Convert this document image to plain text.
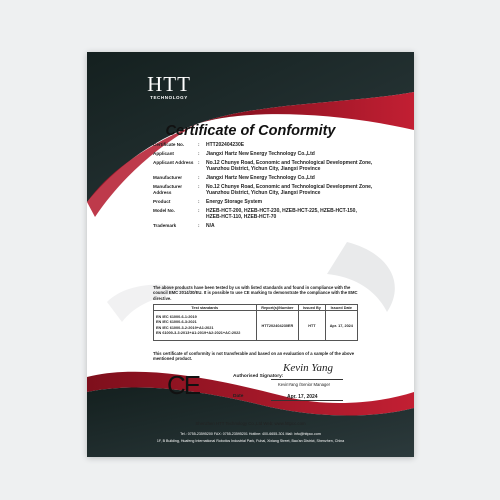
HTT
TECHNOLOGY
Certificate of Conformity
Certificate No.	:	HTT202404230E
Applicant	:	Jiangxi Hartz New Energy Technology Co.,Ltd
Applicant Address :	No.12 Chunye Road, Economic and Technological Development Zone, Yuanzhou District, Yichun City, Jiangxi Province
Manufacturer	:	Jiangxi Hartz New Energy Technology Co.,Ltd
Manufacturer Address
:	No.12 Chunye Road, Economic and Technological Development Zone, Yuanzhou District, Yichun City, Jiangxi Province
Product	:	Energy Storage System
Model No.	:	HZEB-HCT-200, HZEB-HCT-230, HZEB-HCT-225, HZEB-HCT-150, HZEB-HCT-110, HZEB-HCT-70
Trademark	:	N/A
The above products have been tested by us with listed standards and found in compliance with the council EMC 2014/30/EU. It is possible to use CE marking to demonstrate the compliance with the EMC directive.
Test standards	Report(s)/Number	Issued By	Issued Date
EN IEC 61000-6-1:2019
EN IEC 61000-6-3:2021
EN IEC 61000-3-2:2019+A1:2021
EN 61000-3-3:2013+A1:2019+A2:2021+AC:2022	HTT202404230ER	HTT	Apr. 17, 2024
This certificate of conformity is not transferable and based on an evaluation of a sample of the above mentioned product.
CE
Kevin Yang
Authorised Signatory:
KevinYang /Senior Manager
Date	Apr. 17, 2024
Shenzhen HTT Technology Co.,Ltd Web: www.httpcc.com
Tel.: 0755-23595200 FAX: 0755-23595201 Hotline: 400-6655-301 Mail: info@httpcc.com
1F, B Building, Huafeng International Robotics Industrial Park, Fuhai, Xixiang Street, Bao'an District, Shenzhen, China
